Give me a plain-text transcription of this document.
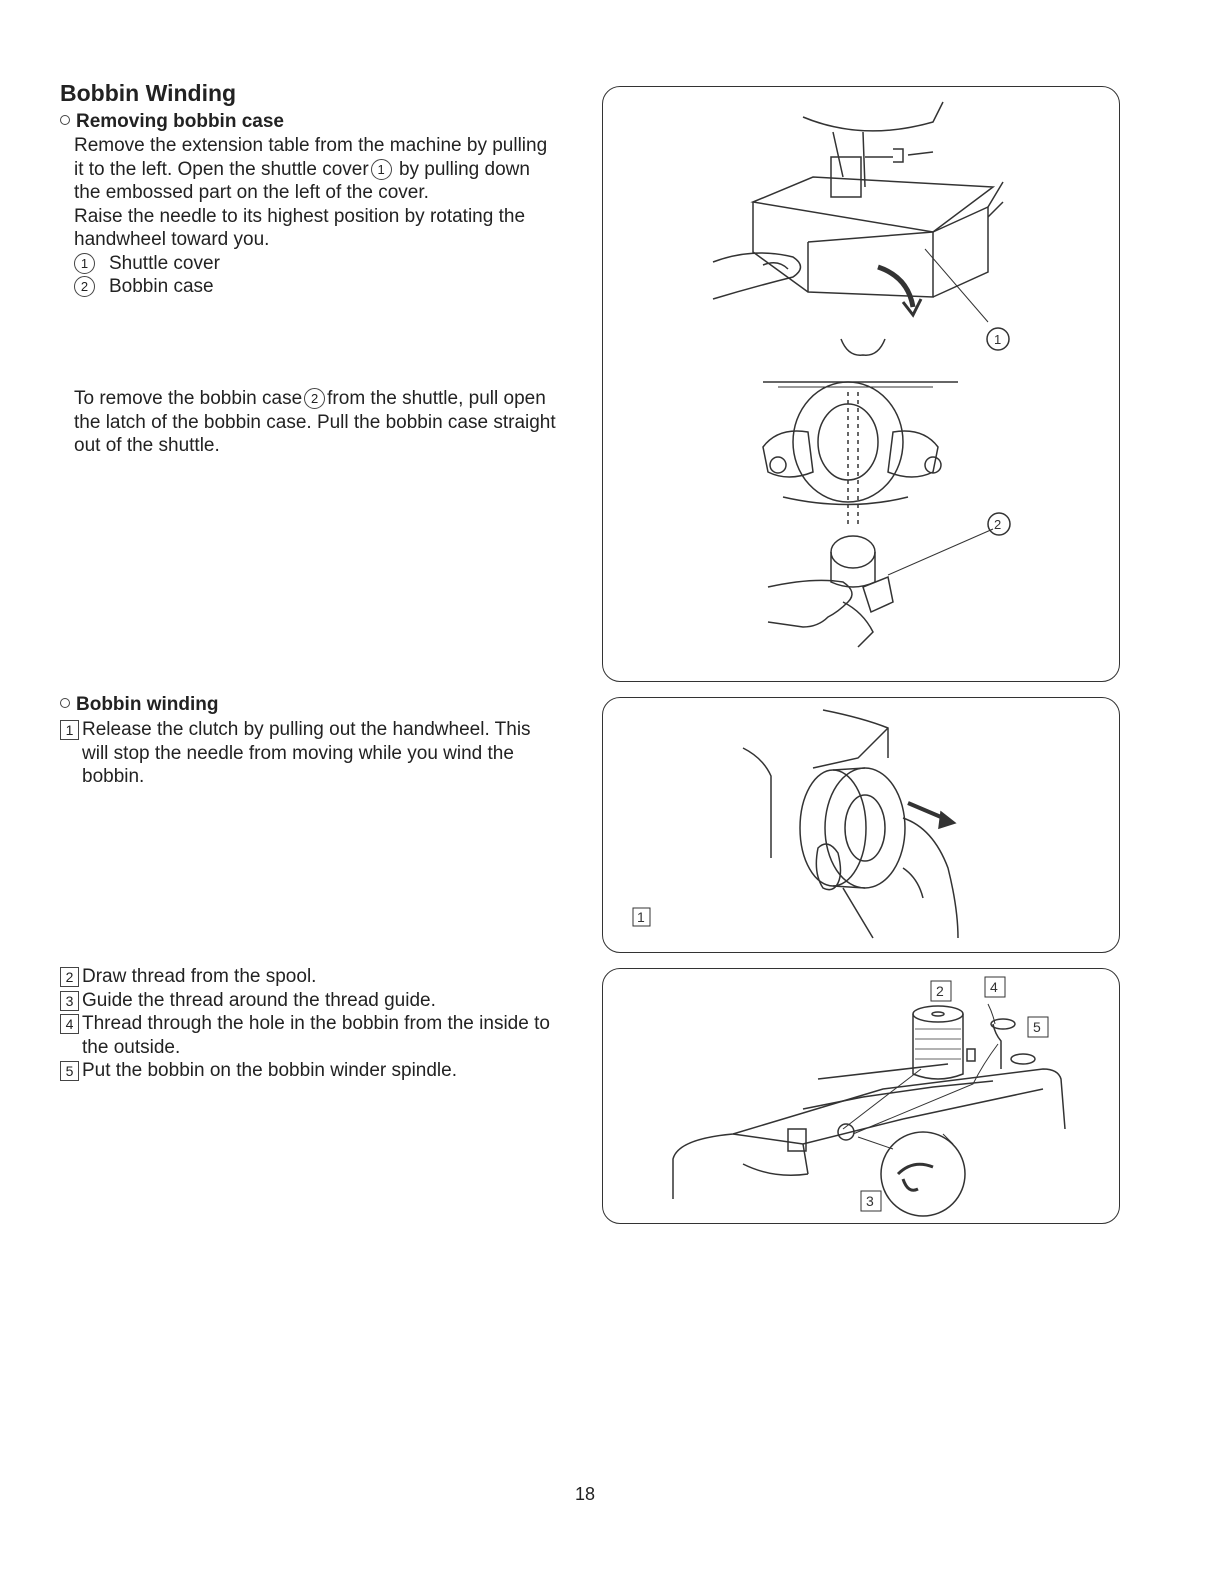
Bobbin Winding
Removing bobbin case
Remove the extension table from the machine by pulling
it to the left. Open the shuttle cover 1 by pulling down
the embossed part on the left of the cover.
Raise the needle to its highest position by rotating the
handwheel toward you.
1 Shuttle cover
2 Bobbin case
To remove the bobbin case 2 from the shuttle, pull open
the latch of the bobbin case. Pull the bobbin case straight
out of the shuttle.
Bobbin winding
1 Release the clutch by pulling out the handwheel. This
will stop the needle from moving while you wind the
bobbin.
2 Draw thread from the spool.
3 Guide the thread around the thread guide.
4 Thread through the hole in the bobbin from the inside to
the outside.
5 Put the bobbin on the bobbin winder spindle.
1
2
1
2	4
5
3
18
